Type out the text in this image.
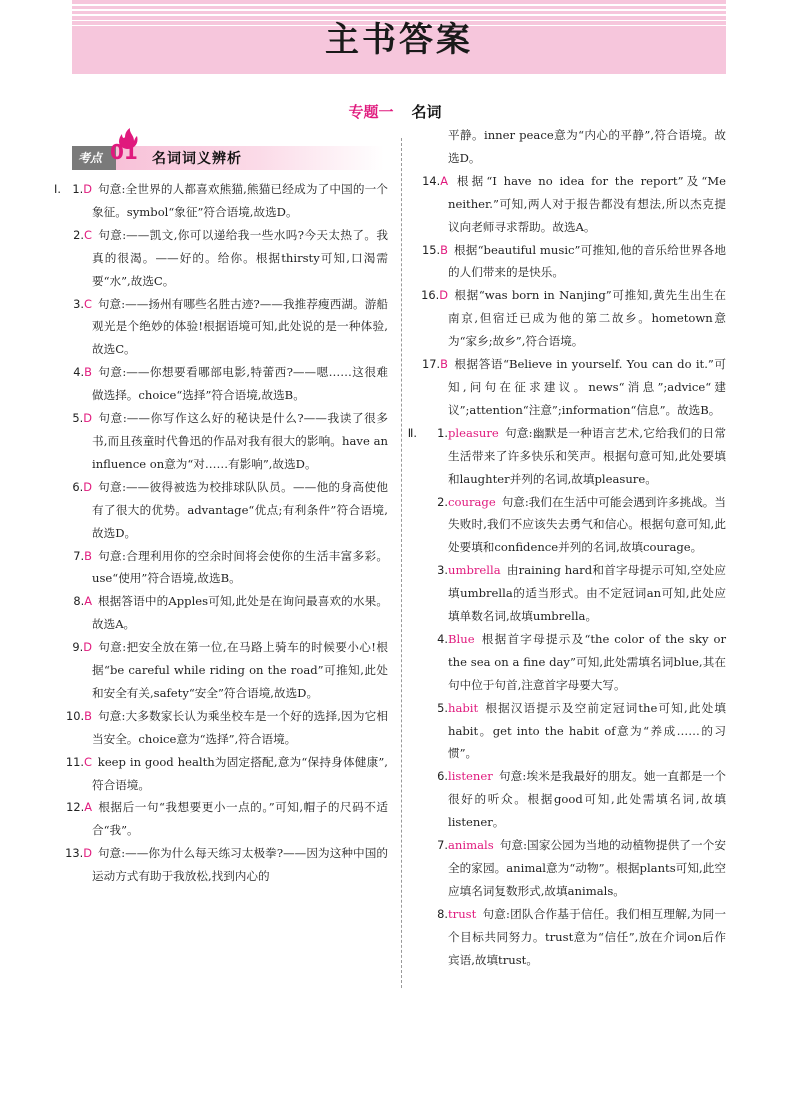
主书答案
专题一 名词
考点 01 名词词义辨析
Ⅰ. 1.D
  句意:全世界的人都喜欢熊猫,熊猫已经成为了中国的一个象征。symbol“象征”符合语境,故选D。
2.C
  句意:——凯文,你可以递给我一些水吗?今天太热了。我真的很渴。——好的。给你。根据thirsty可知,口渴需要“水”,故选C。
3.C
  句意:——扬州有哪些名胜古迹?——我推荐瘦西湖。游船观光是个绝妙的体验!根据语境可知,此处说的是一种体验,故选C。
4.B
  句意:——你想要看哪部电影,特蕾西?——嗯……这很难做选择。choice“选择”符合语境,故选B。
5.D
  句意:——你写作这么好的秘诀是什么?——我读了很多书,而且孩童时代鲁迅的作品对我有很大的影响。have an influence on意为“对……有影响”,故选D。
6.D
  句意:——彼得被选为校排球队队员。——他的身高使他有了很大的优势。advantage“优点;有利条件”符合语境,故选D。
7.B
  句意:合理利用你的空余时间将会使你的生活丰富多彩。use“使用”符合语境,故选B。
8.A
  根据答语中的Apples可知,此处是在询问最喜欢的水果。故选A。
9.D
  句意:把安全放在第一位,在马路上骑车的时候要小心!根据“be careful while riding on the road”可推知,此处和安全有关,safety“安全”符合语境,故选D。
10.B
  句意:大多数家长认为乘坐校车是一个好的选择,因为它相当安全。choice意为“选择”,符合语境。
11.C
  keep in good health为固定搭配,意为“保持身体健康”,符合语境。
12.A
  根据后一句“我想要更小一点的。”可知,帽子的尺码不适合“我”。
13.D
  句意:——你为什么每天练习太极拳?——因为这种中国的运动方式有助于我放松,找到内心的
平静。inner peace意为“内心的平静”,符合语境。故选D。
14.A
  根据“I have no idea for the report”及“Me neither.”可知,两人对于报告都没有想法,所以杰克提议向老师寻求帮助。故选A。
15.B
  根据“beautiful music”可推知,他的音乐给世界各地的人们带来的是快乐。
16.D
  根据“was born in Nanjing”可推知,黄先生出生在南京,但宿迁已成为他的第二故乡。hometown意为“家乡;故乡”,符合语境。
17.B
  根据答语“Believe in yourself. You can do it.”可知,问句在征求建议。news“消息”;advice“建议”;attention“注意”;information“信息”。故选B。
Ⅱ. 1. pleasure 句意:幽默是一种语言艺术,它给我们的日常生活带来了许多快乐和笑声。根据句意可知,此处要填和laughter并列的名词,故填pleasure。
2. courage 句意:我们在生活中可能会遇到许多挑战。当失败时,我们不应该失去勇气和信心。根据句意可知,此处要填和confidence并列的名词,故填courage。
3. umbrella 由raining hard和首字母提示可知,空处应填umbrella的适当形式。由不定冠词an可知,此处应填单数名词,故填umbrella。
4. Blue 根据首字母提示及“the color of the sky or the sea on a fine day”可知,此处需填名词blue,其在句中位于句首,注意首字母要大写。
5. habit 根据汉语提示及空前定冠词the可知,此处填habit。get into the habit of意为“养成……的习惯”。
6. listener 句意:埃米是我最好的朋友。她一直都是一个很好的听众。根据good可知,此处需填名词,故填listener。
7. animals 句意:国家公园为当地的动植物提供了一个安全的家园。animal意为“动物”。根据plants可知,此空应填名词复数形式,故填animals。
8. trust 句意:团队合作基于信任。我们相互理解,为同一个目标共同努力。trust意为“信任”,放在介词on后作宾语,故填trust。
